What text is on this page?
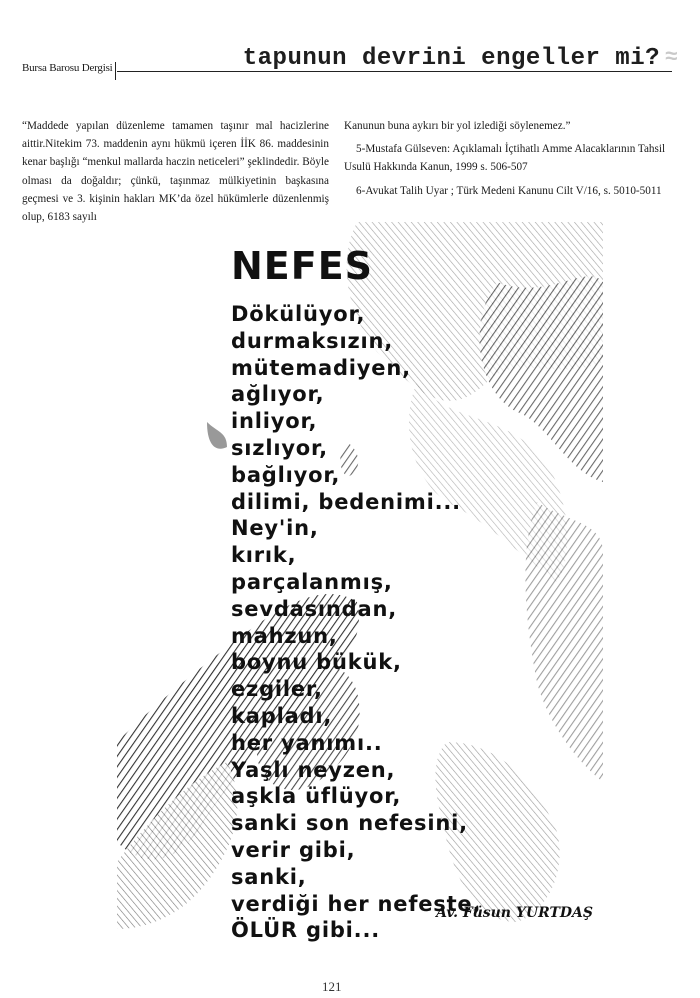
Bursa Barosu Dergisi	≈
tapunun devrini engeller mi?
“Maddede yapılan düzenleme tamamen taşınır mal hacizlerine aittir.Nitekim 73. maddenin aynı hükmü içeren İİK 86. maddesinin kenar başlığı “menkul mallarda haczin neticeleri” şeklindedir. Böyle olması da doğaldır; çünkü, taşınmaz mülkiyetinin başkasına geçmesi ve 3. kişinin hakları MK’da özel hükümlerle düzenlenmiş olup, 6183 sayılı

Kanunun buna aykırı bir yol izlediği söylenemez.”

5-Mustafa Gülseven: Açıklamalı İçtihatlı Amme Alacaklarının Tahsil Usulü Hakkında Kanun, 1999 s. 506-507

6-Avukat Talih Uyar ; Türk Medeni Kanunu Cilt V/16, s. 5010-5011

NEFES
Dökülüyor,
durmaksızın,
mütemadiyen,
ağlıyor,
inliyor,
sızlıyor,
bağlıyor,
dilimi, bedenimi...
Ney'in,
kırık,
parçalanmış,
sevdasından,
mahzun,
boynu bükük,
ezgiler,
kapladı,
her yanımı..
Yaşlı neyzen,
aşkla üflüyor,
sanki son nefesini,
verir gibi,
sanki,
verdiği her nefeste,
ÖLÜR gibi...
Av. Füsun YURTDAŞ
121
